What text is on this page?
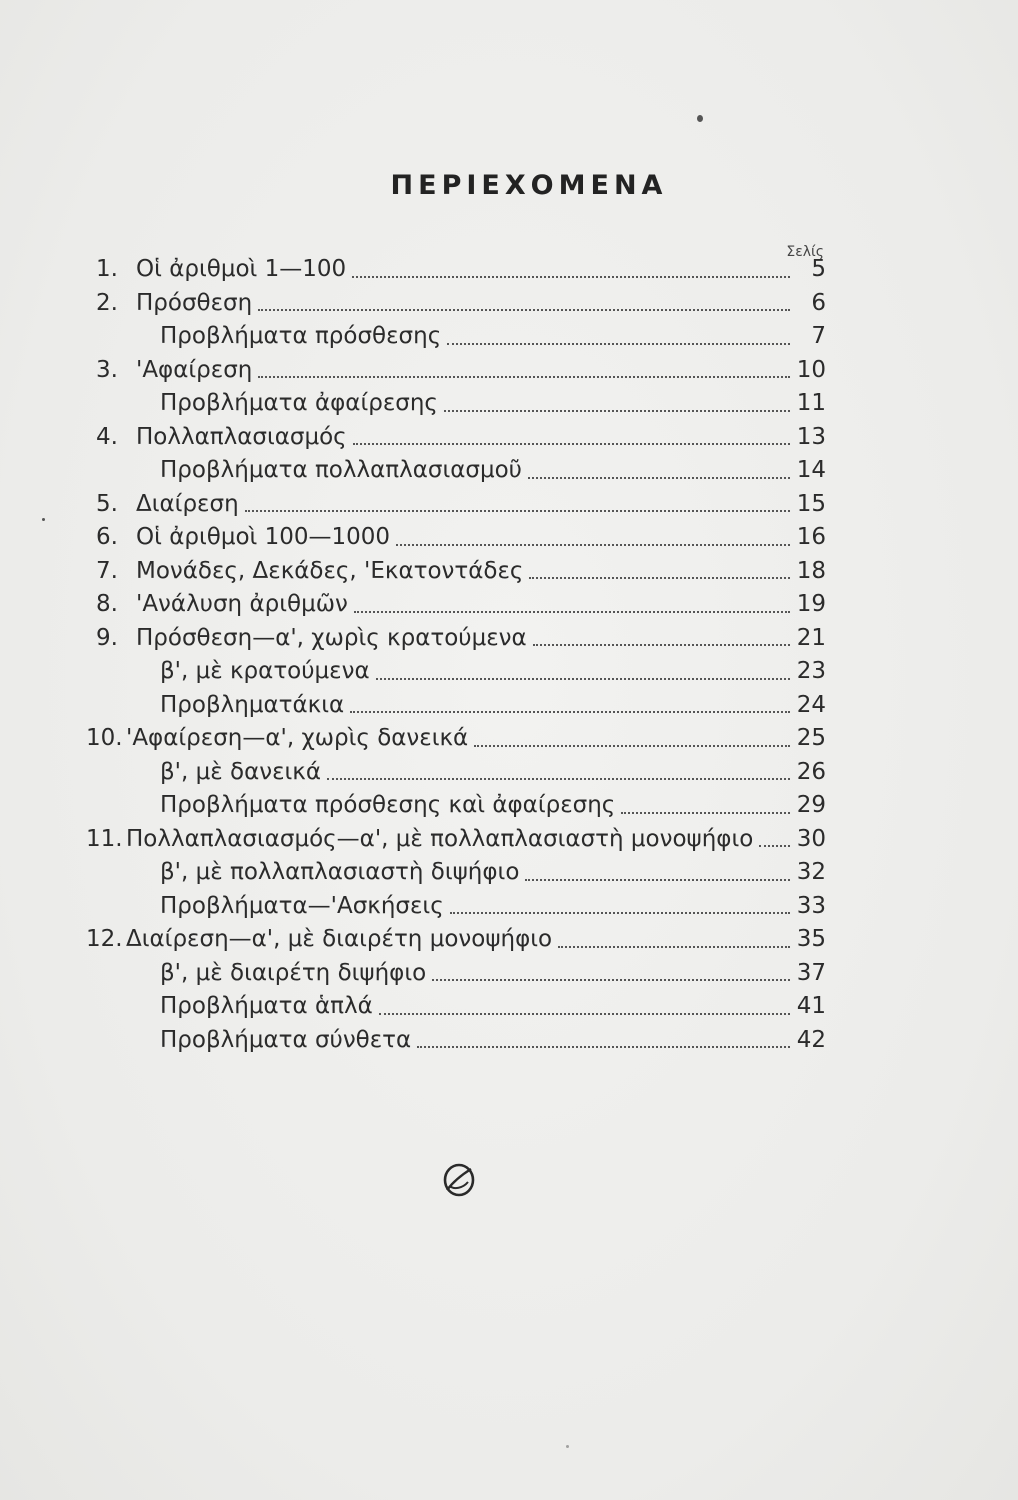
ΠΕΡΙΕΧΟΜΕΝΑ
Σελίς
1. Οἱ ἀριθμοὶ 1—100	5
2. Πρόσθεση	6
Προβλήματα πρόσθεσης	7
3. 'Αφαίρεση	10
Προβλήματα ἀφαίρεσης	11
4. Πολλαπλασιασμός	13
Προβλήματα πολλαπλασιασμοῦ	14
5. Διαίρεση	15
6. Οἱ ἀριθμοὶ 100—1000	16
7. Μονάδες, Δεκάδες, 'Εκατοντάδες	18
8. 'Ανάλυση ἀριθμῶν	19
9. Πρόσθεση—α', χωρὶς κρατούμενα	21
β', μὲ κρατούμενα	23
Προβληματάκια	24
10. 'Αφαίρεση—α', χωρὶς δανεικά	25
β', μὲ δανεικά	26
Προβλήματα πρόσθεσης καὶ ἀφαίρεσης	29
11. Πολλαπλασιασμός—α', μὲ πολλαπλασιαστὴ μονοψήφιο 30
β', μὲ πολλαπλασιαστὴ διψήφιο	32
Προβλήματα—'Ασκήσεις	33
12. Διαίρεση—α', μὲ διαιρέτη μονοψήφιο	35
β', μὲ διαιρέτη διψήφιο	37
Προβλήματα ἁπλά	41
Προβλήματα σύνθετα	42
